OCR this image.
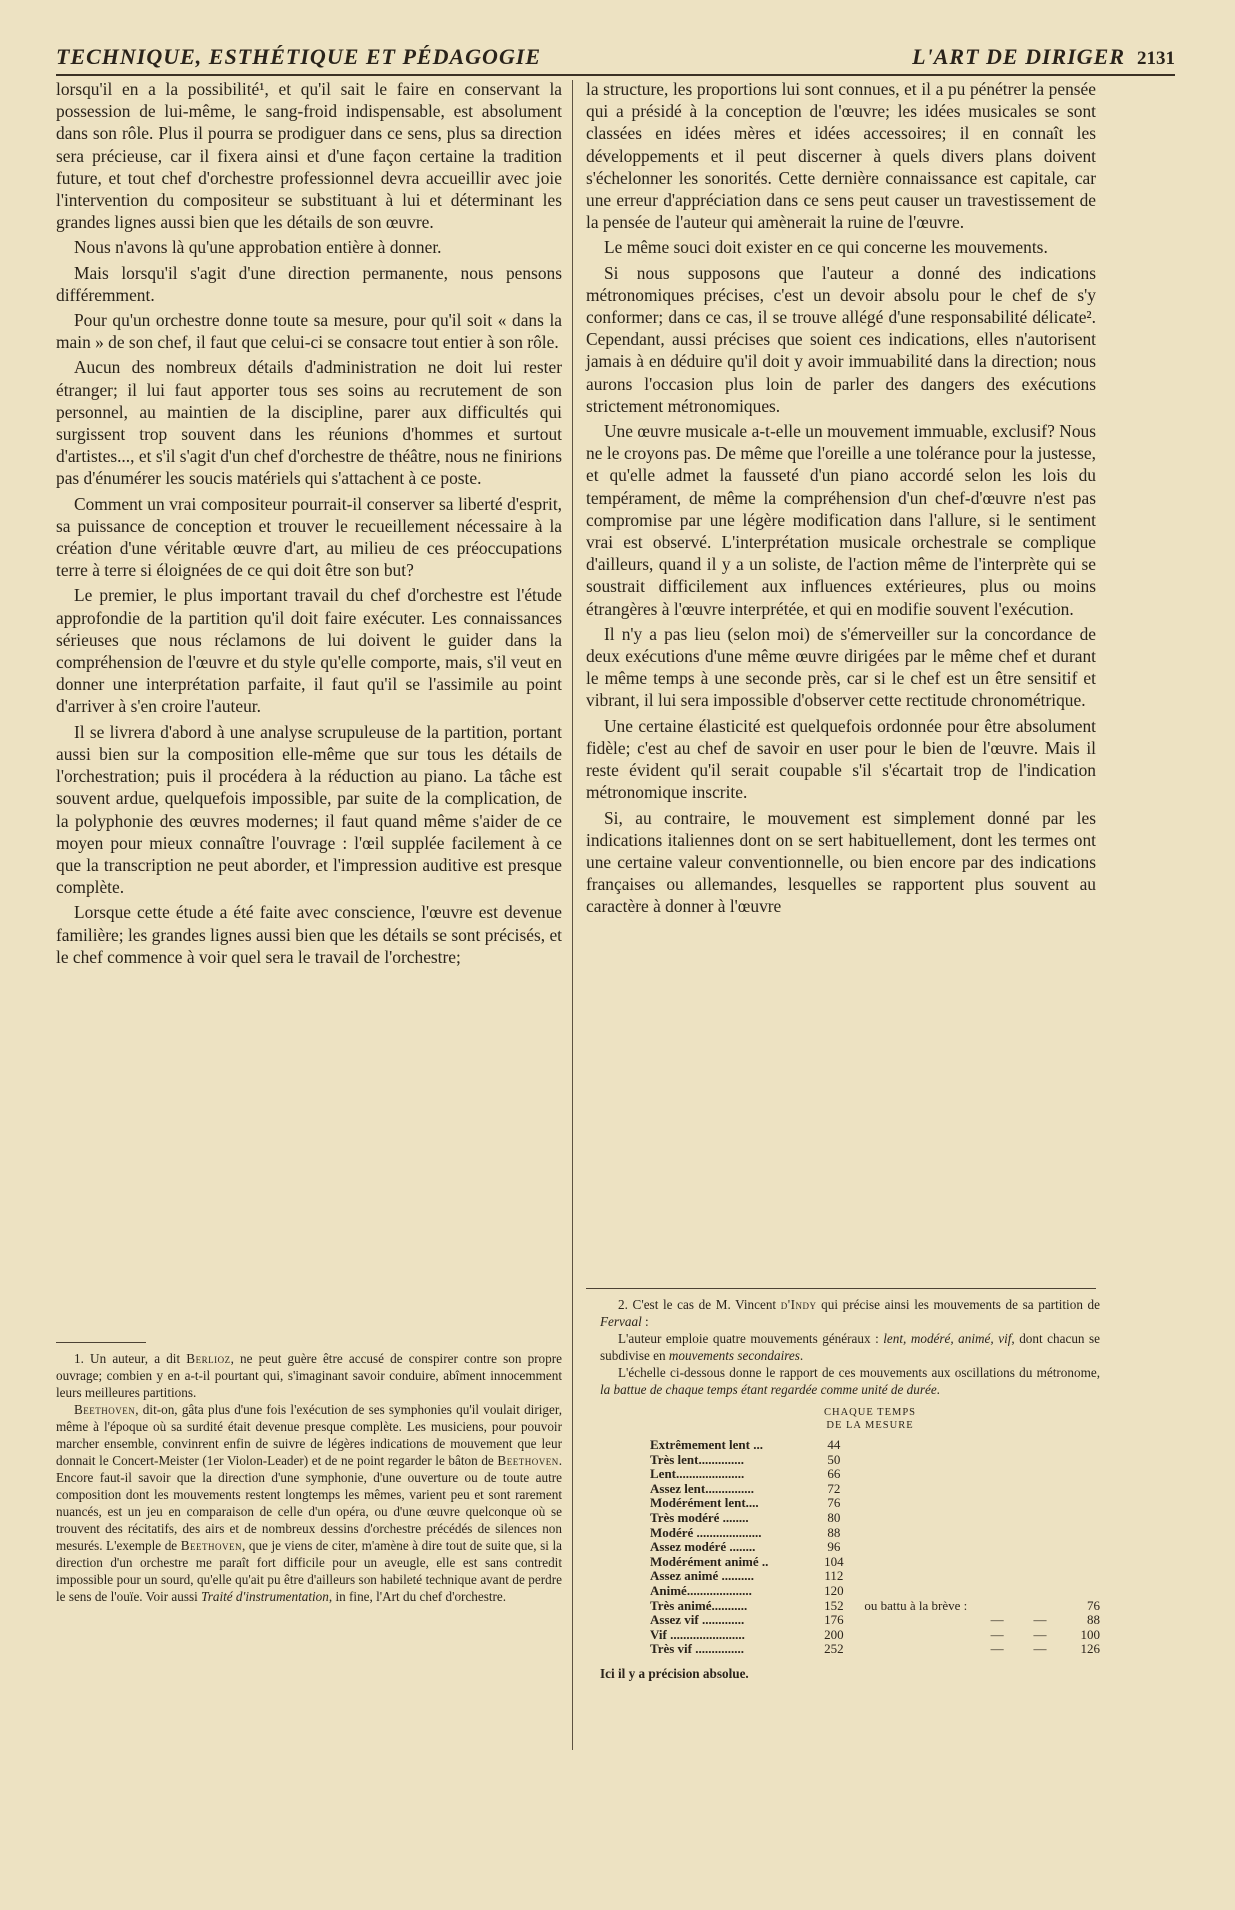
TECHNIQUE, ESTHÉTIQUE ET PÉDAGOGIE	L'ART DE DIRIGER 2131

lorsqu'il en a la possibilité¹, et qu'il sait le faire en conservant la possession de lui-même, le sang-froid indispensable, est absolument dans son rôle. Plus il pourra se prodiguer dans ce sens, plus sa direction sera précieuse, car il fixera ainsi et d'une façon certaine la tradition future, et tout chef d'orchestre professionnel devra accueillir avec joie l'intervention du compositeur se substituant à lui et déterminant les grandes lignes aussi bien que les détails de son œuvre.

Nous n'avons là qu'une approbation entière à donner.

Mais lorsqu'il s'agit d'une direction permanente, nous pensons différemment.

Pour qu'un orchestre donne toute sa mesure, pour qu'il soit « dans la main » de son chef, il faut que celui-ci se consacre tout entier à son rôle.

Aucun des nombreux détails d'administration ne doit lui rester étranger; il lui faut apporter tous ses soins au recrutement de son personnel, au maintien de la discipline, parer aux difficultés qui surgissent trop souvent dans les réunions d'hommes et surtout d'artistes..., et s'il s'agit d'un chef d'orchestre de théâtre, nous ne finirions pas d'énumérer les soucis matériels qui s'attachent à ce poste.

Comment un vrai compositeur pourrait-il conserver sa liberté d'esprit, sa puissance de conception et trouver le recueillement nécessaire à la création d'une véritable œuvre d'art, au milieu de ces préoccupations terre à terre si éloignées de ce qui doit être son but?

Le premier, le plus important travail du chef d'orchestre est l'étude approfondie de la partition qu'il doit faire exécuter. Les connaissances sérieuses que nous réclamons de lui doivent le guider dans la compréhension de l'œuvre et du style qu'elle comporte, mais, s'il veut en donner une interprétation parfaite, il faut qu'il se l'assimile au point d'arriver à s'en croire l'auteur.

Il se livrera d'abord à une analyse scrupuleuse de la partition, portant aussi bien sur la composition elle-même que sur tous les détails de l'orchestration; puis il procédera à la réduction au piano. La tâche est souvent ardue, quelquefois impossible, par suite de la complication, de la polyphonie des œuvres modernes; il faut quand même s'aider de ce moyen pour mieux connaître l'ouvrage : l'œil supplée facilement à ce que la transcription ne peut aborder, et l'impression auditive est presque complète.

Lorsque cette étude a été faite avec conscience, l'œuvre est devenue familière; les grandes lignes aussi bien que les détails se sont précisés, et le chef commence à voir quel sera le travail de l'orchestre;

la structure, les proportions lui sont connues, et il a pu pénétrer la pensée qui a présidé à la conception de l'œuvre; les idées musicales se sont classées en idées mères et idées accessoires; il en connaît les développements et il peut discerner à quels divers plans doivent s'échelonner les sonorités. Cette dernière connaissance est capitale, car une erreur d'appréciation dans ce sens peut causer un travestissement de la pensée de l'auteur qui amènerait la ruine de l'œuvre.

Le même souci doit exister en ce qui concerne les mouvements.

Si nous supposons que l'auteur a donné des indications métronomiques précises, c'est un devoir absolu pour le chef de s'y conformer; dans ce cas, il se trouve allégé d'une responsabilité délicate². Cependant, aussi précises que soient ces indications, elles n'autorisent jamais à en déduire qu'il doit y avoir immuabilité dans la direction; nous aurons l'occasion plus loin de parler des dangers des exécutions strictement métronomiques.

Une œuvre musicale a-t-elle un mouvement immuable, exclusif? Nous ne le croyons pas. De même que l'oreille a une tolérance pour la justesse, et qu'elle admet la fausseté d'un piano accordé selon les lois du tempérament, de même la compréhension d'un chef-d'œuvre n'est pas compromise par une légère modification dans l'allure, si le sentiment vrai est observé. L'interprétation musicale orchestrale se complique d'ailleurs, quand il y a un soliste, de l'action même de l'interprète qui se soustrait difficilement aux influences extérieures, plus ou moins étrangères à l'œuvre interprétée, et qui en modifie souvent l'exécution.

Il n'y a pas lieu (selon moi) de s'émerveiller sur la concordance de deux exécutions d'une même œuvre dirigées par le même chef et durant le même temps à une seconde près, car si le chef est un être sensitif et vibrant, il lui sera impossible d'observer cette rectitude chronométrique.

Une certaine élasticité est quelquefois ordonnée pour être absolument fidèle; c'est au chef de savoir en user pour le bien de l'œuvre. Mais il reste évident qu'il serait coupable s'il s'écartait trop de l'indication métronomique inscrite.

Si, au contraire, le mouvement est simplement donné par les indications italiennes dont on se sert habituellement, dont les termes ont une certaine valeur conventionnelle, ou bien encore par des indications françaises ou allemandes, lesquelles se rapportent plus souvent au caractère à donner à l'œuvre

1. Un auteur, a dit Berlioz, ne peut guère être accusé de conspirer contre son propre ouvrage; combien y en a-t-il pourtant qui, s'imaginant savoir conduire, abîment innocemment leurs meilleures partitions.

Beethoven, dit-on, gâta plus d'une fois l'exécution de ses symphonies qu'il voulait diriger, même à l'époque où sa surdité était devenue presque complète. Les musiciens, pour pouvoir marcher ensemble, convinrent enfin de suivre de légères indications de mouvement que leur donnait le Concert-Meister (1er Violon-Leader) et de ne point regarder le bâton de Beethoven. Encore faut-il savoir que la direction d'une symphonie, d'une ouverture ou de toute autre composition dont les mouvements restent longtemps les mêmes, varient peu et sont rarement nuancés, est un jeu en comparaison de celle d'un opéra, ou d'une œuvre quelconque où se trouvent des récitatifs, des airs et de nombreux dessins d'orchestre précédés de silences non mesurés. L'exemple de Beethoven, que je viens de citer, m'amène à dire tout de suite que, si la direction d'un orchestre me paraît fort difficile pour un aveugle, elle est sans contredit impossible pour un sourd, qu'elle qu'ait pu être d'ailleurs son habileté technique avant de perdre le sens de l'ouïe. Voir aussi Traité d'instrumentation, in fine, l'Art du chef d'orchestre.

2. C'est le cas de M. Vincent d'Indy qui précise ainsi les mouvements de sa partition de Fervaal :

L'auteur emploie quatre mouvements généraux : lent, modéré, animé, vif, dont chacun se subdivise en mouvements secondaires.

L'échelle ci-dessous donne le rapport de ces mouvements aux oscillations du métronome, la battue de chaque temps étant regardée comme unité de durée.

CHAQUE TEMPS
DE LA MESURE
Extrêmement lent ...	44				
Très lent..............	50				
Lent.....................	66				
Assez lent...............	72				
Modérément lent....	76				
Très modéré ........	80				
Modéré ....................	88				
Assez modéré ........	96				
Modérément animé ..	104				
Assez animé ..........	112				
Animé....................	120				
Très animé...........	152	ou battu à la brève :			76
Assez vif .............	176		—	—	88
Vif .......................	200		—	—	100
Très vif ...............	252		—	—	126
Ici il y a précision absolue.
